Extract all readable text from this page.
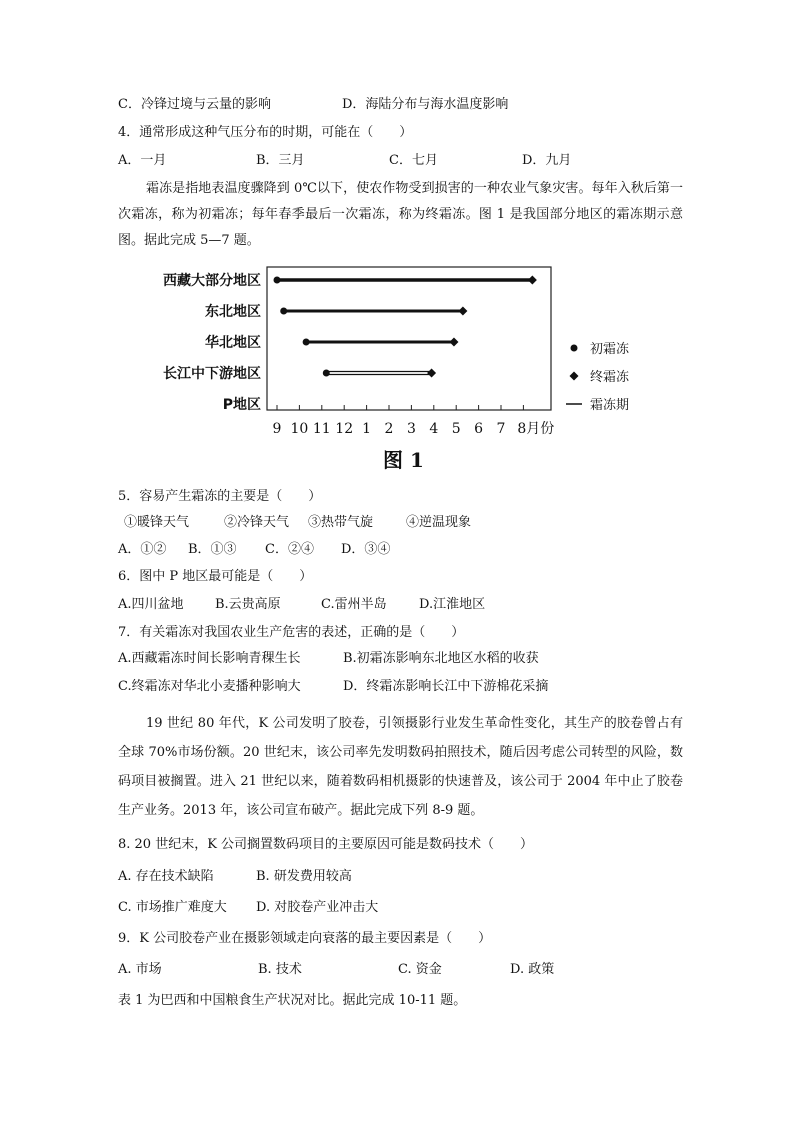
C．冷锋过境与云量的影响	D．海陆分布与海水温度影响
4．通常形成这种气压分布的时期，可能在（　　）
A．一月	B．三月	C．七月	D．九月
霜冻是指地表温度骤降到 0℃以下，使农作物受到损害的一种农业气象灾害。每年入秋后第一次霜冻，称为初霜冻；每年春季最后一次霜冻，称为终霜冻。图 1 是我国部分地区的霜冻期示意图。据此完成 5—7 题。
西藏大部分地区
东北地区
华北地区
长江中下游地区
P地区
9 10 11 12 1 2 3 4 5 6 7 8月份
初霜冻
终霜冻
霜冻期
图 1
5．容易产生霜冻的主要是（　　）
①暖锋天气	②冷锋天气 ③热带气旋	④逆温现象
A．①② B．①③ C．②④ D．③④
6．图中 P 地区最可能是（　　）
A.四川盆地 B.云贵高原	C.雷州半岛 D.江淮地区
7．有关霜冻对我国农业生产危害的表述，正确的是（　　）
A.西藏霜冻时间长影响青稞生长	B.初霜冻影响东北地区水稻的收获
C.终霜冻对华北小麦播种影响大	D．终霜冻影响长江中下游棉花采摘
19 世纪 80 年代，K 公司发明了胶卷，引领摄影行业发生革命性变化，其生产的胶卷曾占有全球 70%市场份额。20 世纪末，该公司率先发明数码拍照技术，随后因考虑公司转型的风险，数码项目被搁置。进入 21 世纪以来，随着数码相机摄影的快速普及，该公司于 2004 年中止了胶卷生产业务。2013 年，该公司宣布破产。据此完成下列 8-9 题。
8. 20 世纪末，K 公司搁置数码项目的主要原因可能是数码技术（　　）
A. 存在技术缺陷	B. 研发费用较高
C. 市场推广难度大 D. 对胶卷产业冲击大
9．K 公司胶卷产业在摄影领域走向衰落的最主要因素是（　　）
A. 市场	B. 技术	C. 资金	D. 政策
表 1 为巴西和中国粮食生产状况对比。据此完成 10-11 题。
